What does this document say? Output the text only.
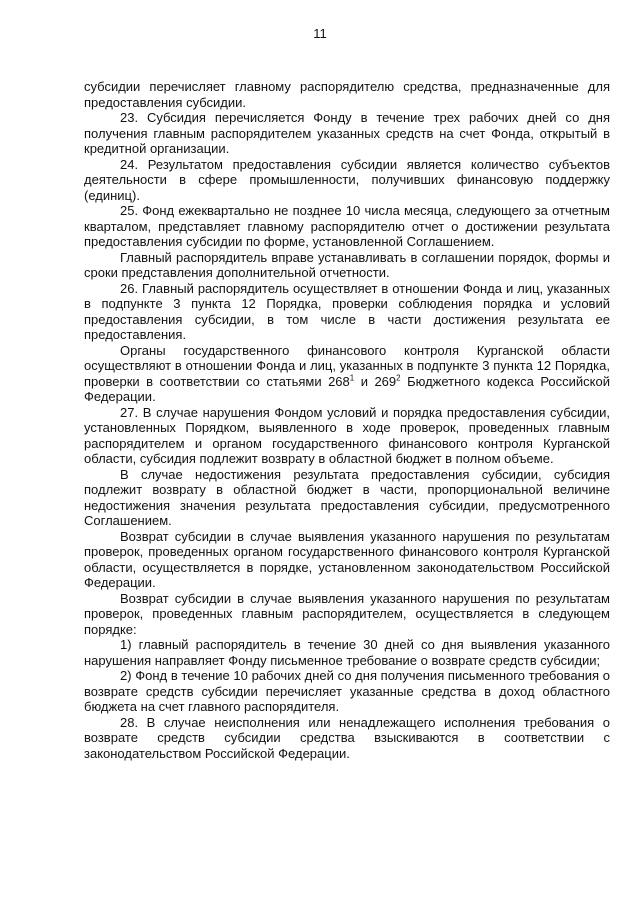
11

субсидии перечисляет главному распорядителю средства, предназначенные для предоставления субсидии.

23. Субсидия перечисляется Фонду в течение трех рабочих дней со дня получения главным распорядителем указанных средств на счет Фонда, открытый в кредитной организации.

24. Результатом предоставления субсидии является количество субъектов деятельности в сфере промышленности, получивших финансовую поддержку (единиц).

25. Фонд ежеквартально не позднее 10 числа месяца, следующего за отчетным кварталом, представляет главному распорядителю отчет о достижении результата предоставления субсидии по форме, установленной Соглашением.

Главный распорядитель вправе устанавливать в соглашении порядок, формы и сроки представления дополнительной отчетности.

26. Главный распорядитель осуществляет в отношении Фонда и лиц, указанных в подпункте 3 пункта 12 Порядка, проверки соблюдения порядка и условий предоставления субсидии, в том числе в части достижения результата ее предоставления.

Органы государственного финансового контроля Курганской области осуществляют в отношении Фонда и лиц, указанных в подпункте 3 пункта 12 Порядка, проверки в соответствии со статьями $268^1$ и $269^2$ Бюджетного кодекса Российской Федерации.

27. В случае нарушения Фондом условий и порядка предоставления субсидии, установленных Порядком, выявленного в ходе проверок, проведенных главным распорядителем и органом государственного финансового контроля Курганской области, субсидия подлежит возврату в областной бюджет в полном объеме.

В случае недостижения результата предоставления субсидии, субсидия подлежит возврату в областной бюджет в части, пропорциональной величине недостижения значения результата предоставления субсидии, предусмотренного Соглашением.

Возврат субсидии в случае выявления указанного нарушения по результатам проверок, проведенных органом государственного финансового контроля Курганской области, осуществляется в порядке, установленном законодательством Российской Федерации.

Возврат субсидии в случае выявления указанного нарушения по результатам проверок, проведенных главным распорядителем, осуществляется в следующем порядке:

1) главный распорядитель в течение 30 дней со дня выявления указанного нарушения направляет Фонду письменное требование о возврате средств субсидии;

2) Фонд в течение 10 рабочих дней со дня получения письменного требования о возврате средств субсидии перечисляет указанные средства в доход областного бюджета на счет главного распорядителя.

28. В случае неисполнения или ненадлежащего исполнения требования о возврате средств субсидии средства взыскиваются в соответствии с законодательством Российской Федерации.
